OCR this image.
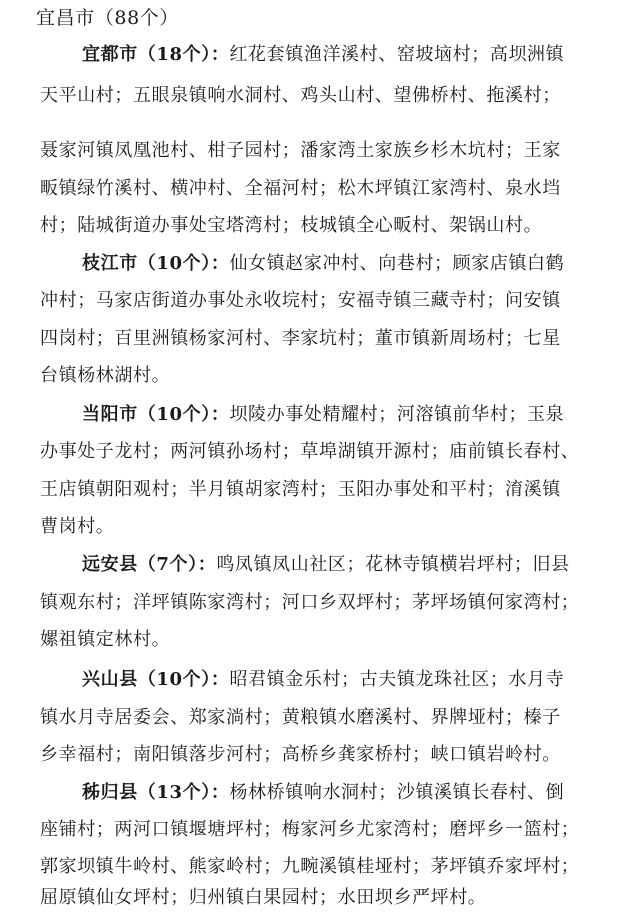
宜昌市（88个）
宜都市（18个）：红花套镇渔洋溪村、窑坡垴村；高坝洲镇
天平山村；五眼泉镇响水洞村、鸡头山村、望佛桥村、拖溪村；
聂家河镇凤凰池村、柑子园村；潘家湾土家族乡杉木坑村；王家
畈镇绿竹溪村、横冲村、全福河村；松木坪镇江家湾村、泉水垱
村；陆城街道办事处宝塔湾村；枝城镇全心畈村、架锅山村。
枝江市（10个）：仙女镇赵家冲村、向巷村；顾家店镇白鹤
冲村；马家店街道办事处永收垸村；安福寺镇三藏寺村；问安镇
四岗村；百里洲镇杨家河村、李家坑村；董市镇新周场村；七星
台镇杨林湖村。
当阳市（10个）：坝陵办事处精耀村；河溶镇前华村；玉泉
办事处子龙村；两河镇孙场村；草埠湖镇开源村；庙前镇长春村、
王店镇朝阳观村；半月镇胡家湾村；玉阳办事处和平村；淯溪镇
曹岗村。
远安县（7个）：鸣凤镇凤山社区；花林寺镇横岩坪村；旧县
镇观东村；洋坪镇陈家湾村；河口乡双坪村；茅坪场镇何家湾村；
嫘祖镇定林村。
兴山县（10个）：昭君镇金乐村；古夫镇龙珠社区；水月寺
镇水月寺居委会、郑家淌村；黄粮镇水磨溪村、界牌垭村；榛子
乡幸福村；南阳镇落步河村；高桥乡龚家桥村；峡口镇岩岭村。
秭归县（13个）：杨林桥镇响水洞村；沙镇溪镇长春村、倒
座铺村；两河口镇堰塘坪村；梅家河乡尤家湾村；磨坪乡一篮村；
郭家坝镇牛岭村、熊家岭村；九畹溪镇桂垭村；茅坪镇乔家坪村；
屈原镇仙女坪村；归州镇白果园村；水田坝乡严坪村。
